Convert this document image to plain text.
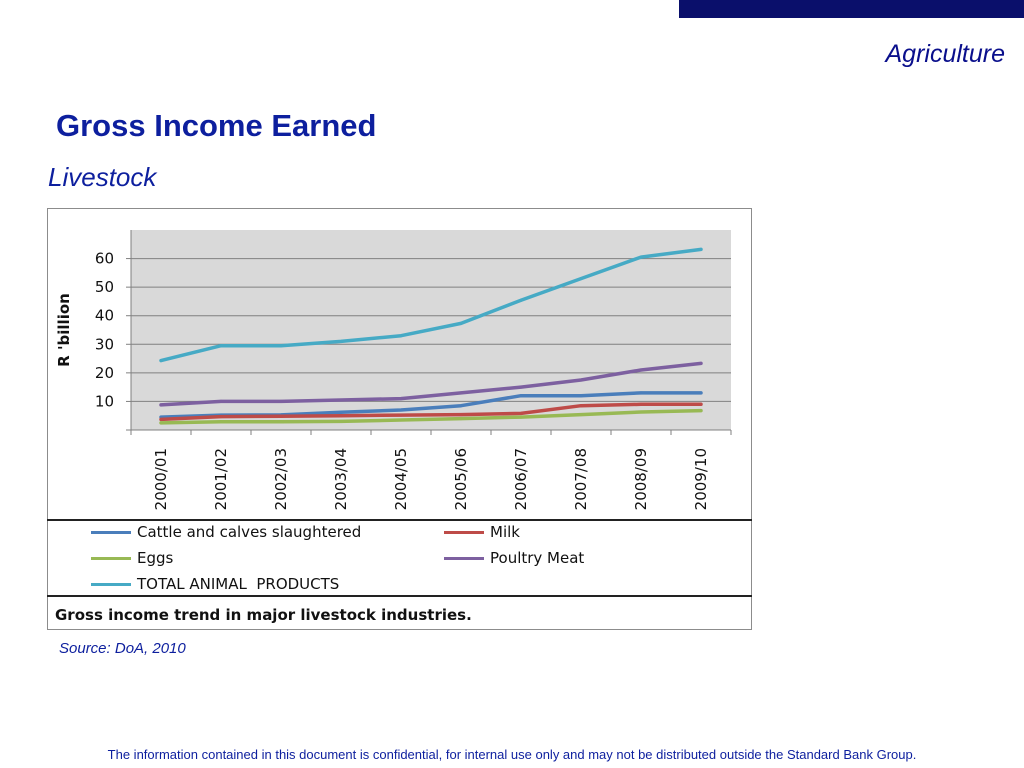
Agriculture
Gross Income Earned
Livestock
10
20
30
40
50
60
2000/01	2001/02	2002/03	2003/04	2004/05	2005/06	2006/07	2007/08	2008/09	2009/10
R 'billion
Cattle and calves slaughtered	Milk
Eggs	Poultry Meat
TOTAL ANIMAL  PRODUCTS
Gross income trend in major livestock industries.
Source: DoA, 2010
The information contained in this document is confidential, for internal use only and may not be distributed outside the Standard Bank Group.
